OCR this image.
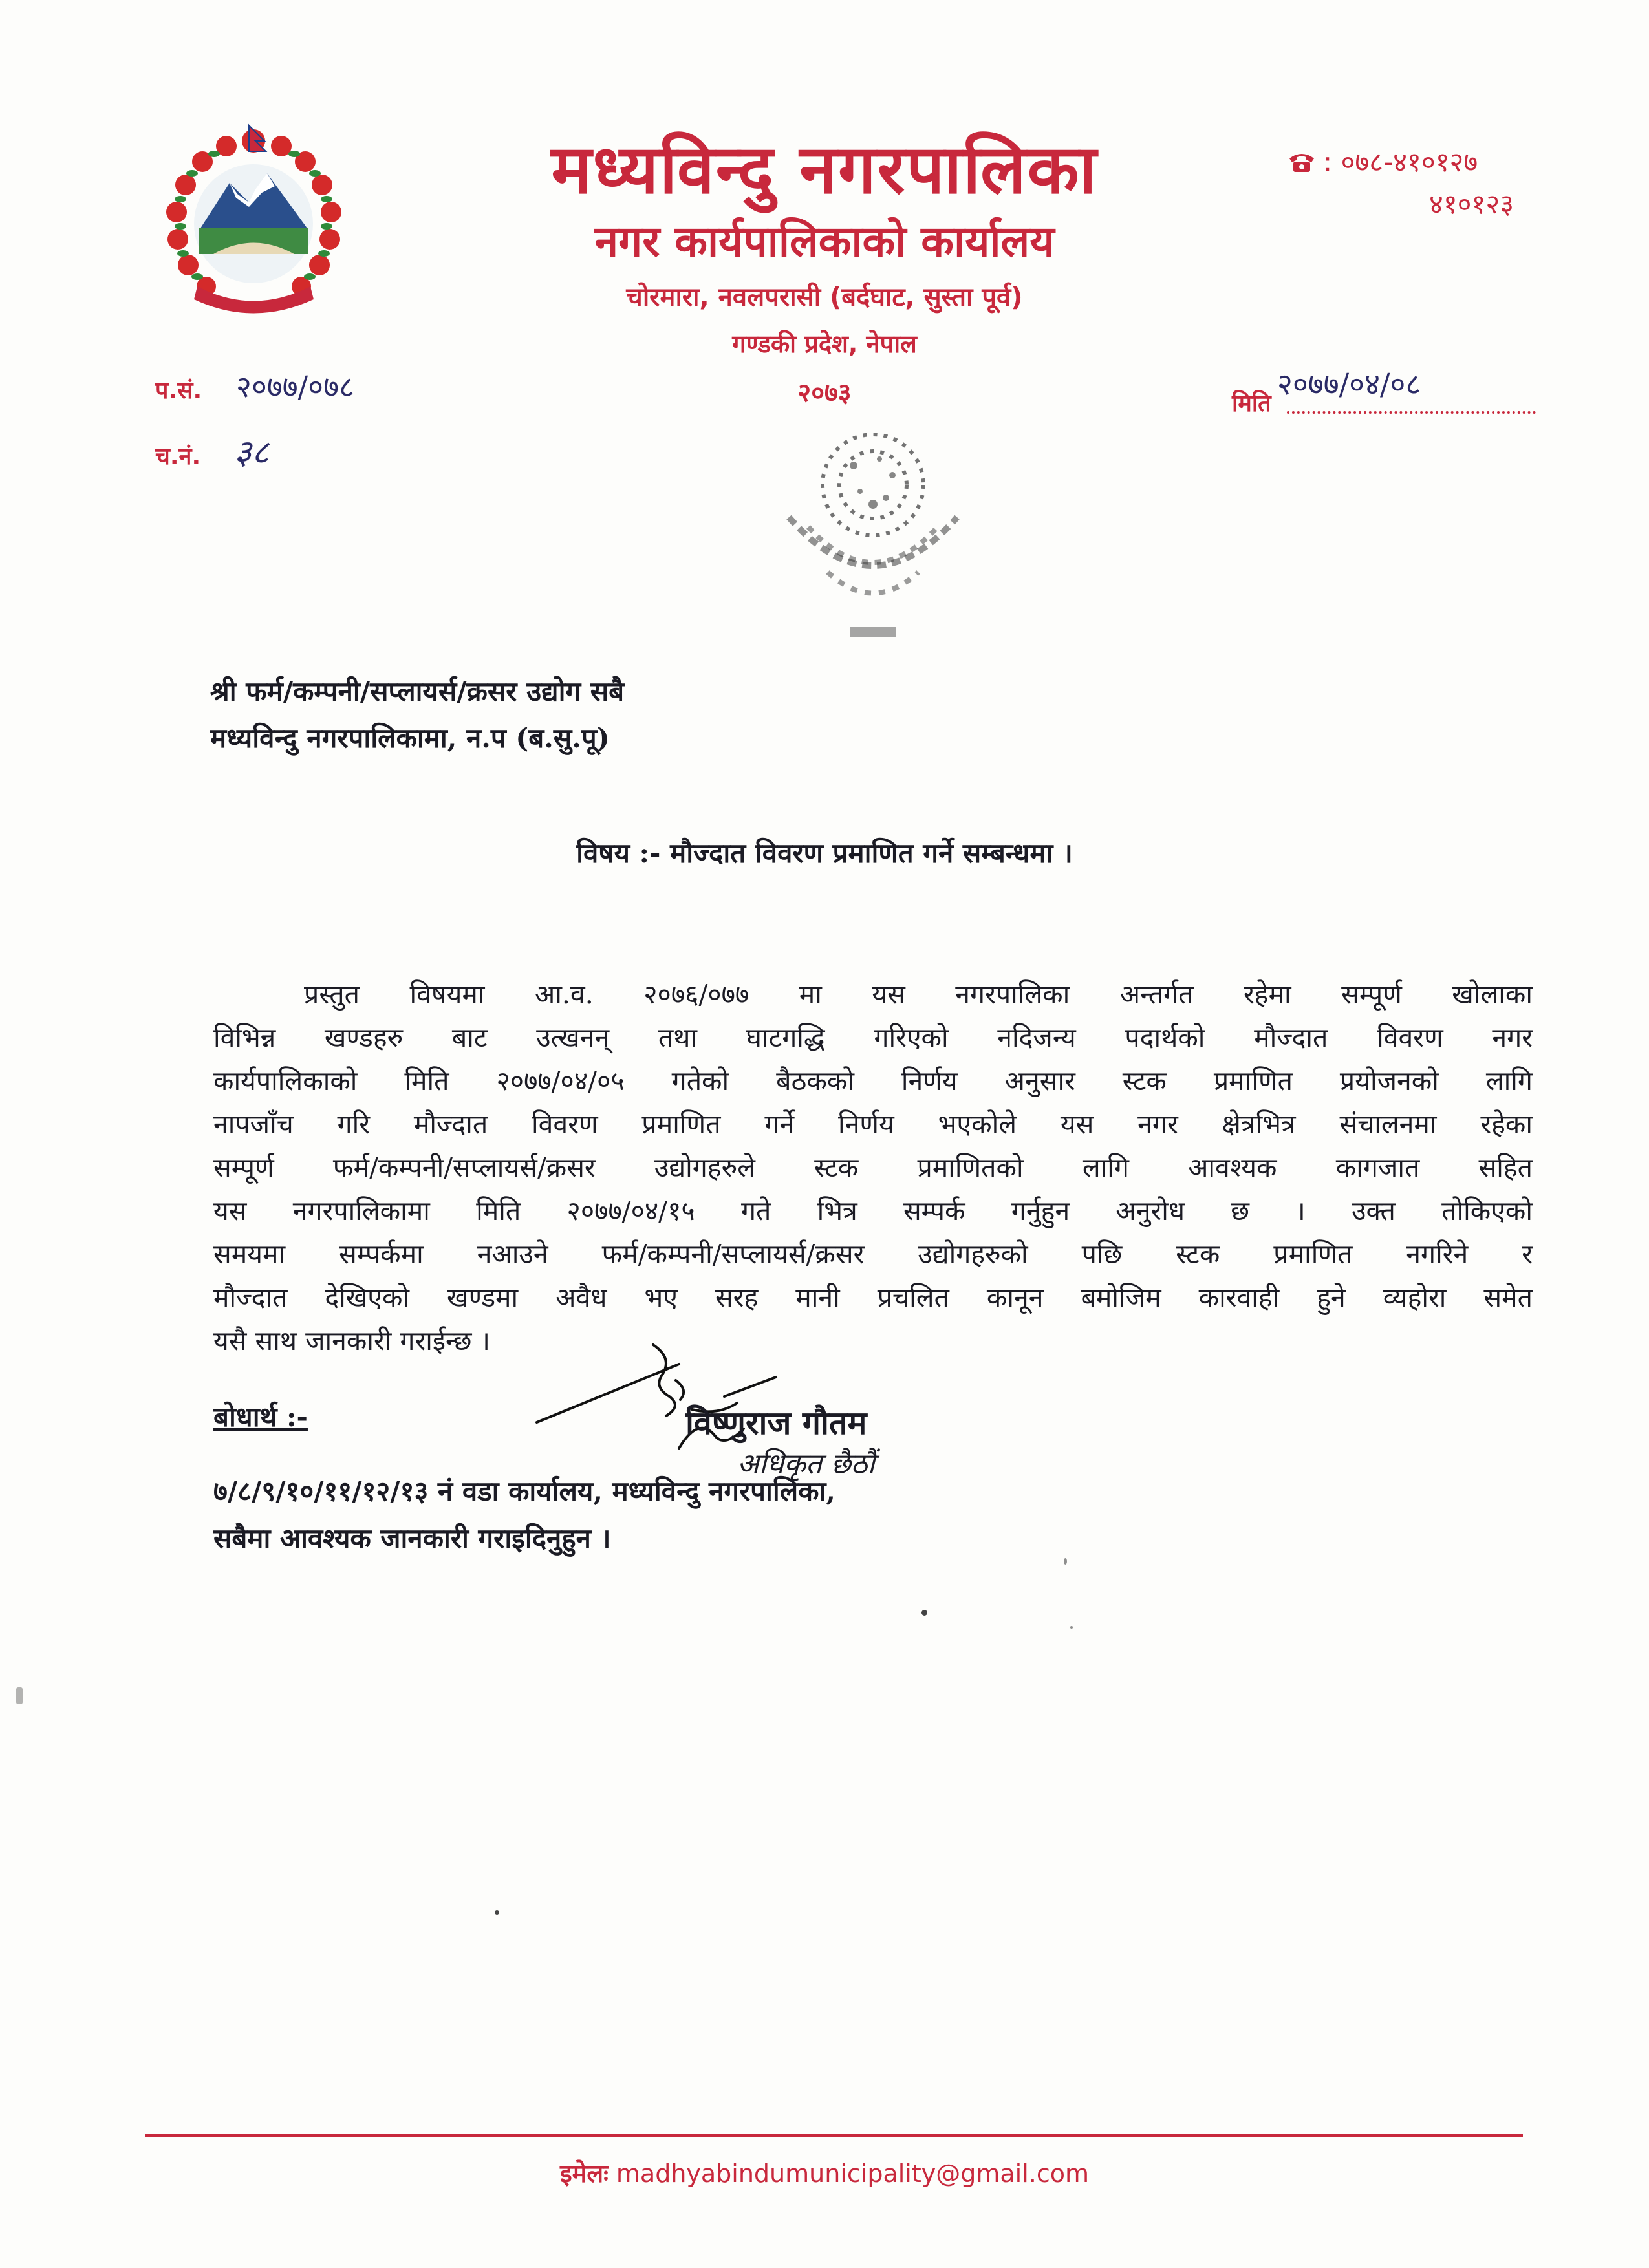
मध्यविन्दु नगरपालिका
नगर कार्यपालिकाको कार्यालय
चोरमारा, नवलपरासी (बर्दघाट, सुस्ता पूर्व)
गण्डकी प्रदेश, नेपाल
२०७३
: ०७८-४१०१२७
४१०१२३
प.सं. २०७७/०७८
च.नं. ३८
मिति
२०७७/०४/०८
श्री फर्म/कम्पनी/सप्लायर्स/क्रसर उद्योग सबै
मध्यविन्दु नगरपालिकामा, न.प (ब.सु.पू)
विषय :- मौज्दात विवरण प्रमाणित गर्ने सम्बन्धमा ।
प्रस्तुत विषयमा आ.व. २०७६/०७७ मा यस नगरपालिका अन्तर्गत रहेमा सम्पूर्ण खोलाका
विभिन्न खण्डहरु बाट उत्खनन् तथा घाटगद्धि गरिएको नदिजन्य पदार्थको मौज्दात विवरण नगर
कार्यपालिकाको मिति २०७७/०४/०५ गतेको बैठकको निर्णय अनुसार स्टक प्रमाणित प्रयोजनको लागि
नापजाँच गरि मौज्दात विवरण प्रमाणित गर्ने निर्णय भएकोले यस नगर क्षेत्रभित्र संचालनमा रहेका
सम्पूर्ण फर्म/कम्पनी/सप्लायर्स/क्रसर उद्योगहरुले स्टक प्रमाणितको लागि आवश्यक कागजात सहित
यस नगरपालिकामा मिति २०७७/०४/१५ गते भित्र सम्पर्क गर्नुहुन अनुरोध छ । उक्त तोकिएको
समयमा सम्पर्कमा नआउने फर्म/कम्पनी/सप्लायर्स/क्रसर उद्योगहरुको पछि स्टक प्रमाणित नगरिने र
मौज्दात देखिएको खण्डमा अवैध भए सरह मानी प्रचलित कानून बमोजिम कारवाही हुने व्यहोरा समेत
यसै साथ जानकारी गराईन्छ ।
विष्णुराज गौतम
अधिकृत छैठौं
बोधार्थ :-
७/८/९/१०/११/१२/१३ नं वडा कार्यालय, मध्यविन्दु नगरपालिका,
सबैमा आवश्यक जानकारी गराइदिनुहुन ।
इमेलः madhyabindumunicipality@gmail.com
